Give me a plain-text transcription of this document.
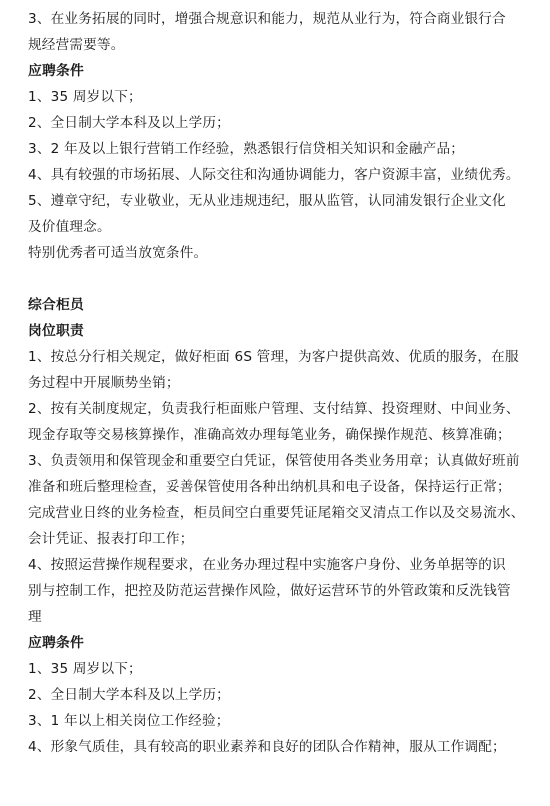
3、在业务拓展的同时，增强合规意识和能力，规范从业行为，符合商业银行合
规经营需要等。
应聘条件
1、35 周岁以下；
2、全日制大学本科及以上学历；
3、2 年及以上银行营销工作经验，熟悉银行信贷相关知识和金融产品；
4、具有较强的市场拓展、人际交往和沟通协调能力，客户资源丰富，业绩优秀。
5、遵章守纪，专业敬业，无从业违规违纪，服从监管，认同浦发银行企业文化
及价值理念。
特别优秀者可适当放宽条件。
综合柜员
岗位职责
1、按总分行相关规定，做好柜面 6S 管理，为客户提供高效、优质的服务，在服
务过程中开展顺势坐销；
2、按有关制度规定，负责我行柜面账户管理、支付结算、投资理财、中间业务、
现金存取等交易核算操作，准确高效办理每笔业务，确保操作规范、核算准确；
3、负责领用和保管现金和重要空白凭证，保管使用各类业务用章；认真做好班前
准备和班后整理检查，妥善保管使用各种出纳机具和电子设备，保持运行正常；
完成营业日终的业务检查，柜员间空白重要凭证尾箱交叉清点工作以及交易流水、
会计凭证、报表打印工作；
4、按照运营操作规程要求，在业务办理过程中实施客户身份、业务单据等的识
别与控制工作，把控及防范运营操作风险，做好运营环节的外管政策和反洗钱管
理
应聘条件
1、35 周岁以下；
2、全日制大学本科及以上学历；
3、1 年以上相关岗位工作经验；
4、形象气质佳，具有较高的职业素养和良好的团队合作精神，服从工作调配；
